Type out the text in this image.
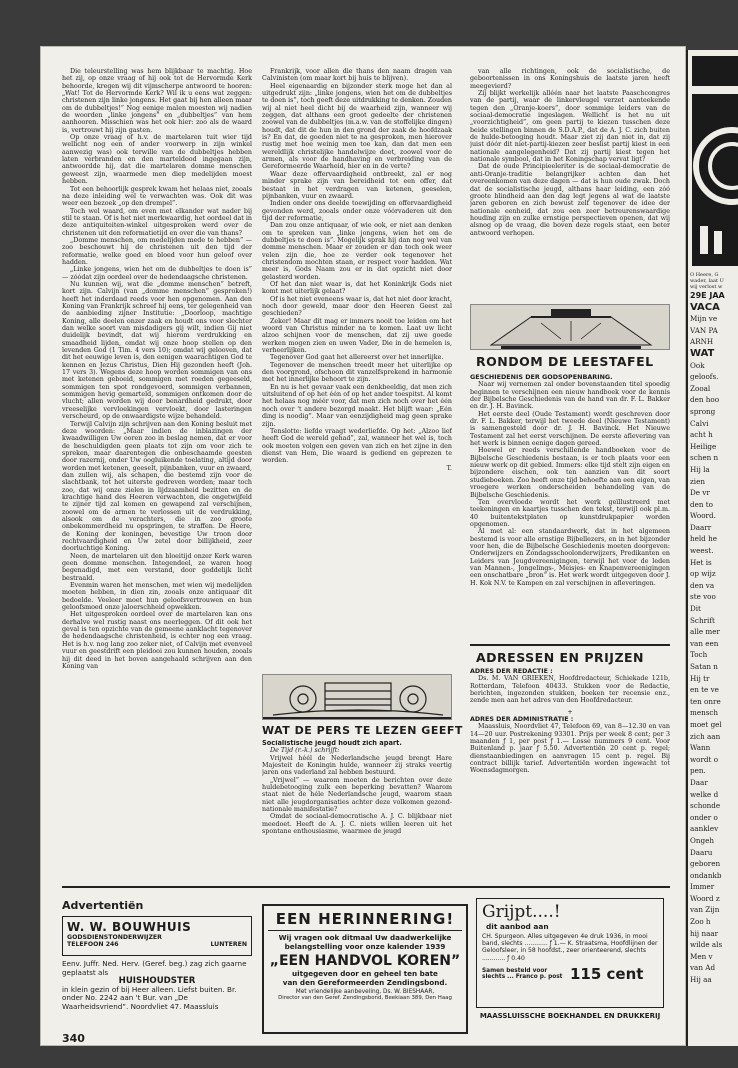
Die teleurstelling was hem blijkbaar te machtig. Hoe het zij, op onze vraag of hij ook tot de Hervormde Kerk behoorde, kregen wij dit vijmscherpe antwoord te hooren: „Wat! Tot de Hervormde Kerk? Wil ik u eens wat zeggen: christenen zijn linke jongens. Het gaat bij hen alleen maar om de dubbeltjes!” Nog eenige malen moesten wij nadien de woorden „linke jongens” en „dubbeltjes” van hem aanhooren. Misschien was het ook hier: zoo als de waard is, vertrouwt hij zijn gasten.

Op onze vraag of h.v. de martelaren tuit wier tijd wellicht nog een of ander voorwerp in zijn winkel aanwezig was) ook terwille van de dubbeltjes hebben laten verbranden en den marteldood ingegaan zijn, antwoordde hij, dat die martelaren domme menschen geweest zijn, waarmede men diep medelijden moest hebben.

Tot een behoorlijk gesprek kwam het helaas niet, zooals na deze inleiding wel te verwachten was. Ook dit was weer een bezoek „op den drempel”.

Toch wel waard, om even met elkander wat nader bij stil te staan. Of is het niet merkwaardig, het oordeel dat in deze antiquiteiten-winkel uitgesproken werd over de christenen uit den reformatietijd en over die van thans?

„Domme menschen, om medelijden mede te hebben” — zoo beschouwt hij de christenen uit den tijd der reformatie, welke goed en bloed voor hun geloof over hadden.

„Linke jongens, wien het om de dubbeltjes te doen is” — zóódat zijn oordeel over de hedendaagsche christenen.

Nu kunnen wij, wat die „domme menschen” betreft, kort zijn. Calvijn (van „domme menschen” gesproken!) heeft het inderdaad reeds voor hen opgenomen. Aan den Koning van Frankrijk schreef hij eens, ter gelegenheid van de aanbieding zijner Institutie: „Doorloop, machtige Koning, alle deelen onzer zaak en houdt ons voor slechter dan welke soort van misdadigers gij wilt, indien Gij niet duidelijk bevindt, dat wij hierom verdrukking en smaadheid lijden, omdat wij onze hoop stellen op den levenden God (1 Tim. 4 vers 10); omdat wij gelooven, dat dit het eeuwige leven is, den eenigen waarachtigen God te kennen en Jezus Christus, Dien Hij gezonden heeft (Joh. 17 vers 3). Wegens deze hoop worden sommigen van ons met ketenen geboeid, sommigen met roeden gegeeseld, sommigen ten spot rondgevoerd, sommigen verbannen, sommigen hevig gemarteld, sommigen ontkomen door de vlucht; allen worden wij door benardheid gedrukt, door vreeselijke vervloekingen vervloekt, door lasteringen verscheurd, op de onwaardigste wijze behandeld.

Terwijl Calvijn zijn schrijven aan den Koning besluit met deze woorden: „Maar indien de inblazingen der kwaadwilligen Uw ooren zoo in beslag nemen, dat er voor de beschuldigden geen plaats tot zijn om voor zich te spreken, maar daarentegen die onbeschaamde geesten door razernij, onder Uw oogluikende toelating, altijd door worden met ketenen, geeselt, pijnbanken, vuur en zwaard, dan zullen wij, als schapen, die bestemd zijn voor de slachtbank, tot het uiterste gedreven worden; maar toch zoo, dat wij onze zielen in lijdzaamheid bezitten en de krachtige hand des Heeren verwachten, die ongetwijfeld te zijner tijd zal komen en gewapend zal verschijnen, zoowel om de armen te verlossen uit de verdrukking, alsook om de verachters, die in zoo groote onbekommerdheid nu opspringen, te straffen. De Heere, de Koning der koningen, bevestige Uw troon door rechtvaardigheid en Uw zetel door billijkheid, zeer doorluchtige Koning.

Neen, de martelaren uit den bloeitijd onzer Kerk waren geen domme menschen. Integendeel, ze waren hoog begenadigd, met een verstand, door goddelijk licht bestraald.

Evenmin waren het menschen, met wien wij medelijden moeten hebben, in dien zin, zooals onze antiquaar dit bedoelde. Veeleer moet hun geloofsvertrouwen en hun geloofsmoed onze jaloerschheid opwekken.

Het uitgesproken oordeel over de martelaren kan ons derhalve wel rustig naast ons neerleggen. Of dit ook het geval is ten opzichte van de gemeene aanklacht tegenover de hedendaagsche christenheid, is echter nog een vraag. Het is h.v. nog lang zoo zeker niet, of Calvijn met evenveel vuur en geestdrift een pleidooi zou kunnen houden, zooals hij dit deed in het boven aangehaald schrijven aan den Koning van

Frankrijk, voor allen die thans den naam dragen van Calvinisten (om maar kort bij huis te blijven).

Heel eigenaardig en bijzonder sterk moge het dan al uitgedrukt zijn: „linke jongens, wien het om de dubbeltjes te doen is”, toch geeft deze uitdrukking te denken. Zouden wij al niet heel dicht bij de waarheid zijn, wanneer wij zeggen, dat althans een groot gedeelte der christenen zoowel van de dubbeltjes (m.a.w. van de stoffelijke dingen) houdt, dat dit de hun in den grond der zaak de hoofdzaak is? En dat, de goeden niet te na gesproken, men hierover rustig met hoe weinig men toe kan, dan dat men een wereldlijk christelijke handelwijze doet, zoowel voor de armen, als voor de handhaving en verbreiding van de Gereformeerde Waarheid, hier en in de verte?

Waar deze offervaardigheid ontbreekt, zal er nog minder sprake zijn van bereidheid tot een offer, dat bestaat in het verdragen van ketenen, geeselen, pijnbanken, vuur en zwaard.

Indien onder ons deelde toewijding en offervaardigheid gevonden werd, zooals onder onze vóórvaderen uit den tijd der reformatie,

Dan zou onze antiquaar, of wie ook, er niet aan denken om te spreken van „linke jongens, wien het om de dubbeltjes te doen is”. Mogelijk sprak hij dan nog wel van domme menschen. Maar er zouden er dan toch ook weer velen zijn die, hoe ze verder ook tegenover het christendom mochten staan, er respect voor hadden. Wat meer is, Gods Naam zou er in dat opzicht niet door gelasterd worden.

Of het dan niet waar is, dat het Koninkrijk Gods niet komt met uiterlijk gelaat?

Of is het niet eveneens waar is, dat het niet door kracht, noch door geweld, maar door den Heeren Geest zal geschieden?

Zeker! Maar dit mag er immers nooit toe leiden om het woord van Christus minder na te komen. Laat uw licht alzoo schijnen voor de menschen, dat zij uwe goede werken mogen zien en uwen Vader, Die in de hemelen is, verheerlijken.

Tegenover God gaat het allereerst over het innerlijke.

Tegenover de menschen treedt meer het uiterlijke op den voorgrond, ofschoon dit vanzelfsprekend in harmonie met het innerlijke behoort te zijn.

En nu is het gevaar vaak een denkbeeldig, dat men zich uitsluitend of op het één of op het ander toespitst. Al komt het helaas nog méér voor, dat men zich noch over het één noch over 't andere bezorgd maakt. Het blijft waar: „Eén ding is noodig”. Maar van eenzijdigheid mag geen sprake zijn.

Tenslotte: liefde vraagt wederliefde. Op het: „Alzoo lief heeft God de wereld gehad”, zal, wanneer het wel is, toch ook moeten volgen een geven van zich en het zijne in den dienst van Hem, Die waard is gediend en geprezen te worden.

T.
WAT DE PERS TE LEZEN GEEFT
Socialistische jeugd houdt zich apart.
De Tijd (r.-k.) schrijft:

Vrijwel héél de Nederlandsche jeugd brengt Hare Majesteit de Koningin hulde, wanneer zij straks veertig jaren ons vaderland zal hebben bestuurd.

„Vrijwel” — waarom moeten de berichten over deze huldebetooging zulk een beperking bevatten? Waarom staat niet de héle Nederlandsche jeugd, waarom staan niet alle jeugdorganisaties achter deze volkomen gezond-nationale manifestatie?

Omdat de sociaal-democratische A. J. C. blijkbaar niet meedoet. Heeft de A. J. C. niets willen leeren uit het spontane enthousiasme, waarmee de jeugd

van alle richtingen, ook de socialistische, de geboortenissen in ons Koningshuis de laatste jaren heeft meegevierd?

Zij blijkt werkelijk alléén naar het laatste Paaschcongres van de partij, waar de linkervleugel verzet aanteekende tegen den „Oranje-koers”, door sommige leiders van de sociaal-democratie ingeslagen. Wellicht is het nu uit „voorzichtigheid”, om geen partij te kiezen tusschen deze beide stellingen binnen de S.D.A.P., dat de A. J. C. zich buiten de hulde-betooging houdt. Maar ziet zij dan niet in, dat zij juist dóór dit niet-partij-kiezen zeer beslist partij kiest in een nationale aangelegenheid? Dat zij partij kiest tegen het nationale symbool, dat in het Koningschap vervat ligt?

Dat de oude Principieeleriter is de sociaal-democratie de anti-Oranje-traditie belangrijker achten dan het overeenkomen van deze dagen — dat is hun oude zwak. Doch dat de socialistische jeugd, althans haar leiding, een zóó groote blindheid aan den dag legt jegens al wat de laatste jaren geboren en zich bewust zelf tegenover de idee der nationale eenheid, dat zou een zeer betreurenswaardige houding zijn en zulke ernstige perspectieven openen, dat wij alsnog op de vraag, die boven deze regels staat, een beter antwoord verhopen.

RONDOM DE LEESTAFEL
GESCHIEDENIS DER GODSOPENBARING.

Naar wij vernemen zal onder bovenstaanden titel spoedig beginnen te verschijnen een nieuw handboek voor de kennis der Bijbelsche Geschiedenis van de hand van dr. F. L. Bakker en dr. J. H. Bavinck.

Het eerste deel (Oude Testament) wordt geschreven door dr. F. L. Bakker, terwijl het tweede deel (Nieuwe Testament) is samengesteld door dr. J. H. Bavinck. Het Nieuwe Testament zal het eerst verschijnen. De eerste aflevering van het werk is binnen eenige dagen gereed.

Hoewel er reeds verschillende handboeken voor de Bijbelsche Geschiedenis bestaan, is er toch plaats voor een nieuw werk op dit gebied. Immers: elke tijd stelt zijn eigen en bijzondere eischen, ook ten aanzien van dit soort studieboeken. Zoo heeft onze tijd behoefte aan een eigen, van vroegere werken onderscheiden behandeling van de Bijbelsche Geschiedenis.

Ten overvloede wordt het werk geïllustreerd met teekeningen en kaartjes tusschen den tekst, terwijl ook pl.m. 40 buitentekstplaten op kunstdrukpapier worden opgenomen.

Al met al: een standaardwerk, dat in het algemeen bestemd is voor alle ernstige Bijbellezers, en in het bijzonder voor hen, die de Bijbelsche Geschiedenis moeten doorgeven: Onderwijzers en Zondagsschoolonderwijzers, Predikanten en Leiders van Jeugdvereenigingen, terwijl het voor de leden van Mannen-, Jongelings-, Meisjes- en Knapenvereenigingen een onschatbare „bron” is. Het werk wordt uitgegeven door J. H. Kok N.V. te Kampen en zal verschijnen in afleveringen.

ADRESSEN EN PRIJZEN
ADRES DER REDACTIE :

Ds. M. VAN GRIEKEN, Hoofdredacteur, Schiekade 121b, Rotterdam, Telefoon 40433. Stukken voor de Redactie, berichten, ingezonden stukken, boeken ter recensie enz., zende men aan het adres van den Hoofdredacteur.

+
ADRES DER ADMINISTRATIE :

Maassluis, Noordvliet 47, Telefoon 69, van 8—12.30 en van 14—20 uur. Postrekening 93301. Prijs per week 8 cent; per 3 maanden ƒ 1, per post ƒ 1.— Losse nummers 9 cent. Voor Buitenland p. jaar ƒ 5.50. Advertentiën 20 cent p. regel; dienstaanbiedingen en aanvragen 15 cent p. regel. Bij contract billijk tarief. Advertentiën worden ingewacht tot Woensdagmorgen.

Advertentiën
W. W. BOUWHUIS
GODSDIENSTONDERWIJZER
TELEFOON 246	LUNTEREN
Eenv. Juffr. Ned. Herv. (Geref. beg.) zag zich gaarne geplaatst als
HUISHOUDSTER
in klein gezin of bij Heer alleen. Liefst buiten. Br. onder No. 2242 aan 't Bur. van „De Waarheidsvriend”. Noordvliet 47. Maassluis
340
EEN HERINNERING!
Wij vragen ook ditmaal Uw daadwerkelijke
belangstelling voor onze kalender 1939
„EEN HANDVOL KOREN”
uitgegeven door en geheel ten bate
van den Gereformeerden Zendingsbond.
Met vriendelijke aanbeveling, Ds. W. BIESHAAR,
Director van den Geref. Zendingsbond, Beekiaan 389, Den Haag
Grijpt....!
dit aanbod aan
CH. Spurgeon. Alles uitgegeven 4e druk 1936, in mooi band, slechts ............ ƒ 1.— K. Straatsma, Hoofdlijnen der Geloofsleer, in 58 hoofdst., zeer orienteerend, slechts ............ ƒ 0.40
Samen besteld voor slechts ... Franco p. post 115 cent
MAASSLUISSCHE BOEKHANDEL EN DRUKKERIJ
O Heere, G
wader, laat U
wij verlost w
29E JAA
VACA
Mijn ve
VAN PA
ARNH
WAT
Ook
geloofs.
Zooal
den hoo
sprong
Calvi
acht h
Heilige
schen n
Hij la
zien
De vr
den to
Woord.
Daarr
held he
weest.
Het is
op wijz
den va
ste voo
Dit
Schrift
alle mer
van een
Toch
Satan n
Hij tr
en te ve
ten onre
mensch
moet gel
zich aan
Wann
wordt o
pen.
Daar
welke d
schonde
onder o
aanklev
Ongeh
Daaru
geboren
ondankb
Immer
Woord z
van Zijn
Zoo h
hij naar
wilde als
Men v
van Ad
Hij aa
